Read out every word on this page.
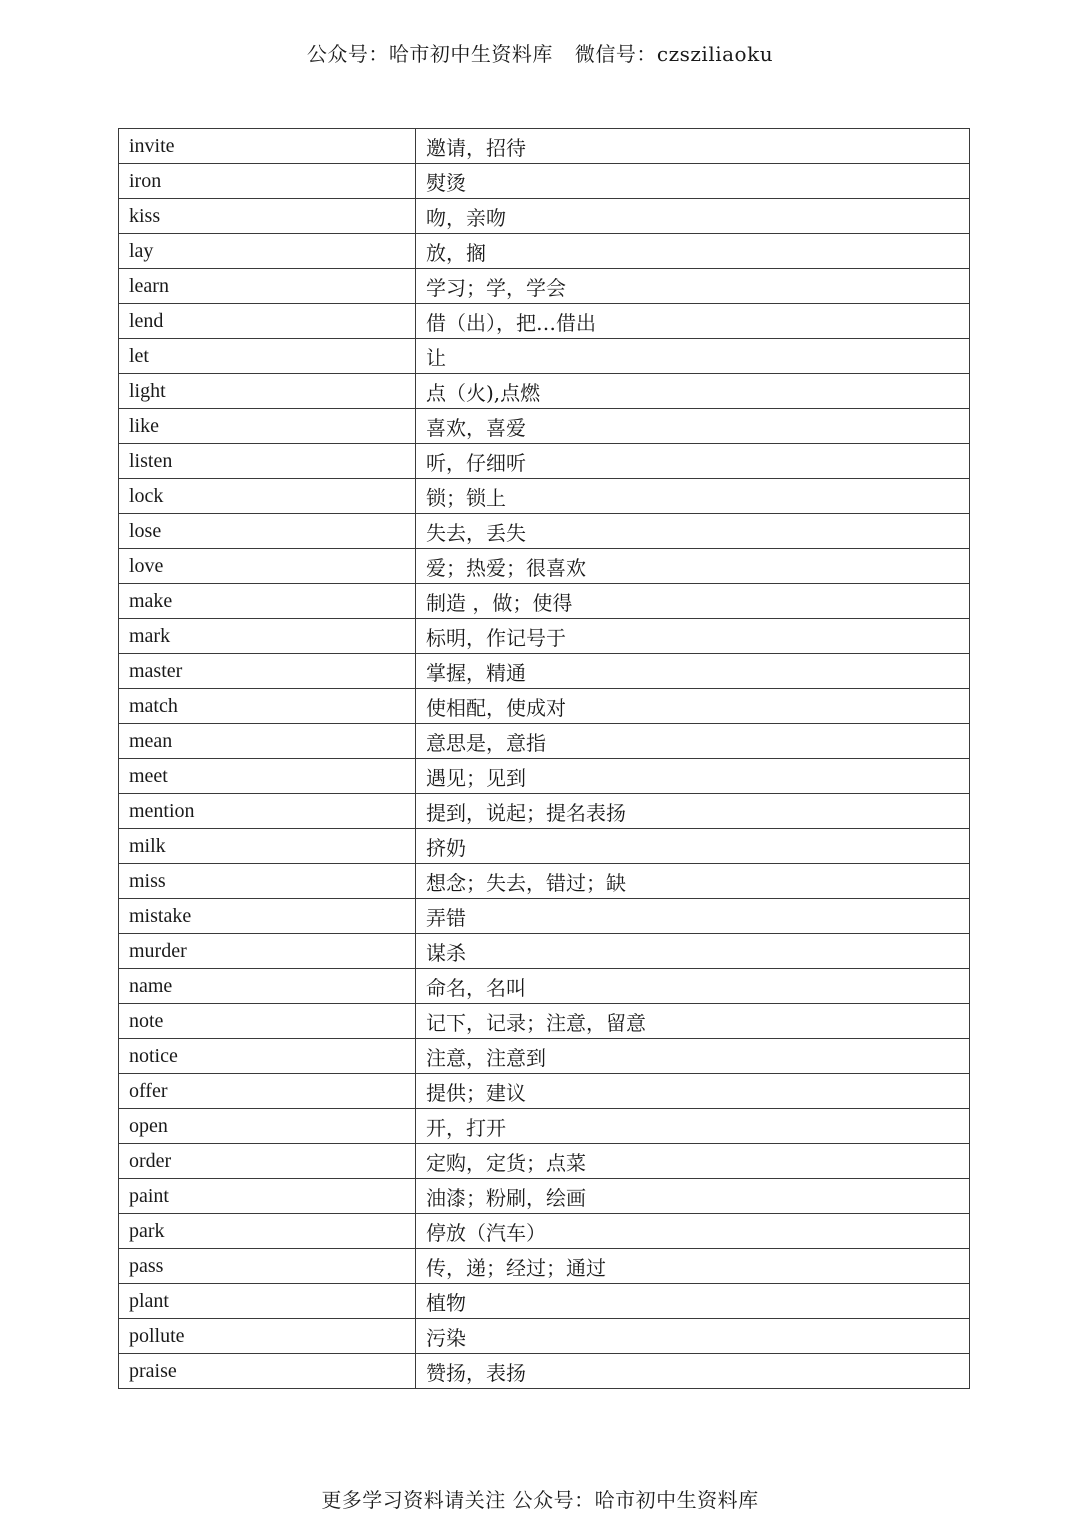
公众号：哈市初中生资料库 微信号：czsziliaoku
invite	邀请，招待
iron	熨烫
kiss	吻，亲吻
lay	放，搁
learn	学习；学，学会
lend	借（出），把…借出
let	让
light	点（火),点燃
like	喜欢，喜爱
listen	听，仔细听
lock	锁；锁上
lose	失去，丢失
love	爱；热爱；很喜欢
make	制造 ，做；使得
mark	标明，作记号于
master	掌握，精通
match	使相配，使成对
mean	意思是，意指
meet	遇见；见到
mention	提到，说起；提名表扬
milk	挤奶
miss	想念；失去，错过；缺
mistake	弄错
murder	谋杀
name	命名，名叫
note	记下，记录；注意，留意
notice	注意，注意到
offer	提供；建议
open	开，打开
order	定购，定货；点菜
paint	油漆；粉刷，绘画
park	停放（汽车）
pass	传，递；经过；通过
plant	植物
pollute	污染
praise	赞扬，表扬
更多学习资料请关注 公众号：哈市初中生资料库
